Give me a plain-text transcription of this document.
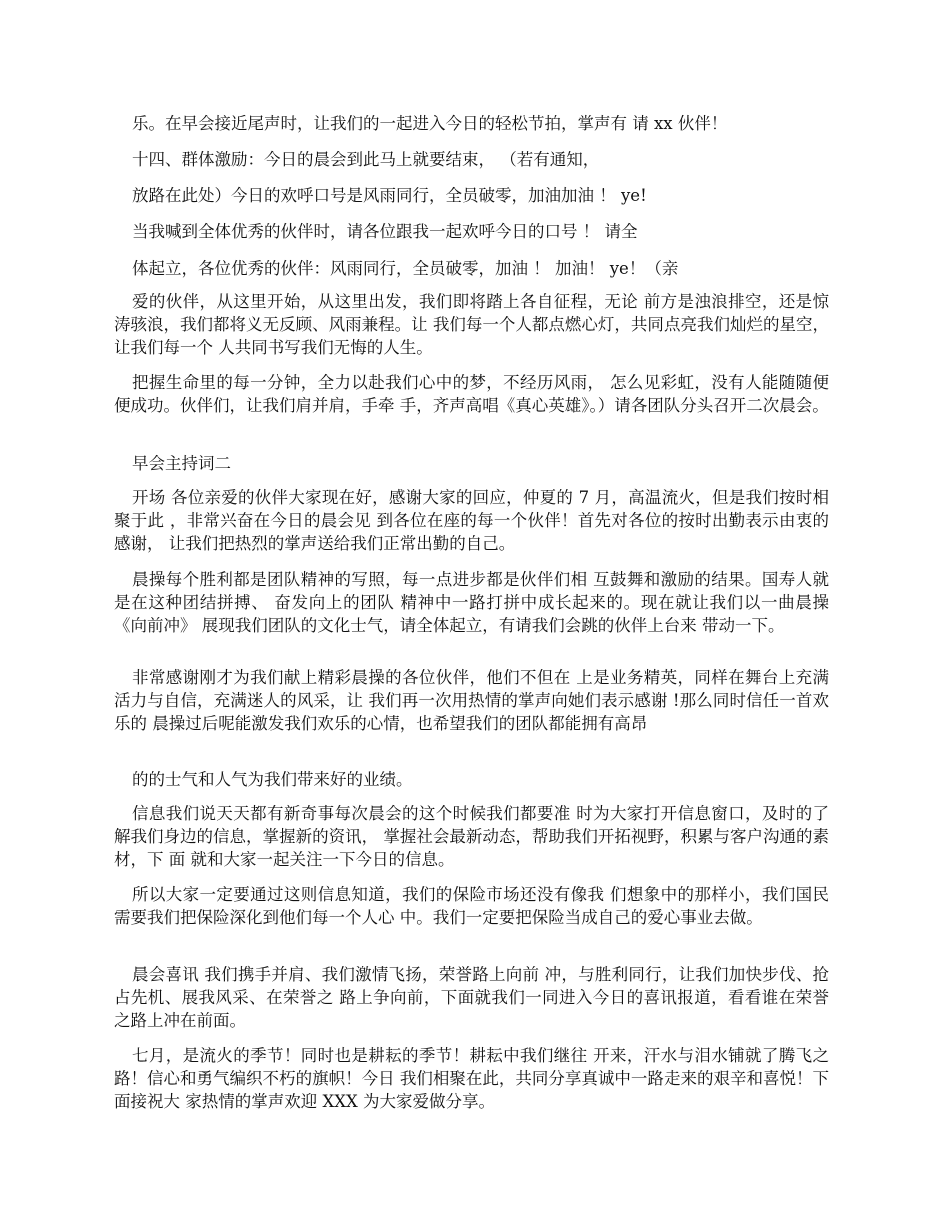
乐。在早会接近尾声时，让我们的一起进入今日的轻松节拍，掌声有 请 xx 伙伴！

十四、群体激励：今日的晨会到此马上就要结束， （若有通知，

放路在此处）今日的欢呼口号是风雨同行，全员破零，加油加油 ！ ye!

当我喊到全体优秀的伙伴时，请各位跟我一起欢呼今日的口号 ！ 请全

体起立，各位优秀的伙伴：风雨同行，全员破零，加油 ！ 加油！ ye！（亲

爱的伙伴，从这里开始，从这里出发，我们即将踏上各自征程，无论 前方是浊浪排空，还是惊涛骇浪，我们都将义无反顾、风雨兼程。让 我们每一个人都点燃心灯，共同点亮我们灿烂的星空，让我们每一个 人共同书写我们无悔的人生。

把握生命里的每一分钟，全力以赴我们心中的梦，不经历风雨， 怎么见彩虹，没有人能随随便便成功。伙伴们，让我们肩并肩，手牵 手，齐声高唱《真心英雄》。）请各团队分头召开二次晨会。

早会主持词二

开场 各位亲爱的伙伴大家现在好，感谢大家的回应，仲夏的 7 月，高温流火，但是我们按时相聚于此 ，非常兴奋在今日的晨会见 到各位在座的每一个伙伴！首先对各位的按时出勤表示由衷的感谢， 让我们把热烈的掌声送给我们正常出勤的自己。

晨操每个胜利都是团队精神的写照，每一点进步都是伙伴们相 互鼓舞和激励的结果。国寿人就是在这种团结拼搏、 奋发向上的团队 精神中一路打拼中成长起来的。现在就让我们以一曲晨操 《向前冲》 展现我们团队的文化士气，请全体起立，有请我们会跳的伙伴上台来 带动一下。

非常感谢刚才为我们献上精彩晨操的各位伙伴，他们不但在 上是业务精英，同样在舞台上充满活力与自信，充满迷人的风采，让 我们再一次用热情的掌声向她们表示感谢 !那么同时信任一首欢乐的 晨操过后呢能激发我们欢乐的心情，也希望我们的团队都能拥有高昂

的的士气和人气为我们带来好的业绩。

信息我们说天天都有新奇事每次晨会的这个时候我们都要准 时为大家打开信息窗口，及时的了解我们身边的信息，掌握新的资讯， 掌握社会最新动态，帮助我们开拓视野，积累与客户沟通的素材，下 面 就和大家一起关注一下今日的信息。

所以大家一定要通过这则信息知道，我们的保险市场还没有像我 们想象中的那样小，我们国民需要我们把保险深化到他们每一个人心 中。我们一定要把保险当成自己的爱心事业去做。

晨会喜讯 我们携手并肩、我们激情飞扬，荣誉路上向前 冲，与胜利同行，让我们加快步伐、抢占先机、展我风采、在荣誉之 路上争向前，下面就我们一同进入今日的喜讯报道，看看谁在荣誉 之路上冲在前面。

七月，是流火的季节！同时也是耕耘的季节！耕耘中我们继往 开来，汗水与泪水铺就了腾飞之路！信心和勇气编织不朽的旗帜！今日 我们相聚在此，共同分享真诚中一路走来的艰辛和喜悦！下面接祝大 家热情的掌声欢迎 XXX 为大家爱做分享。
